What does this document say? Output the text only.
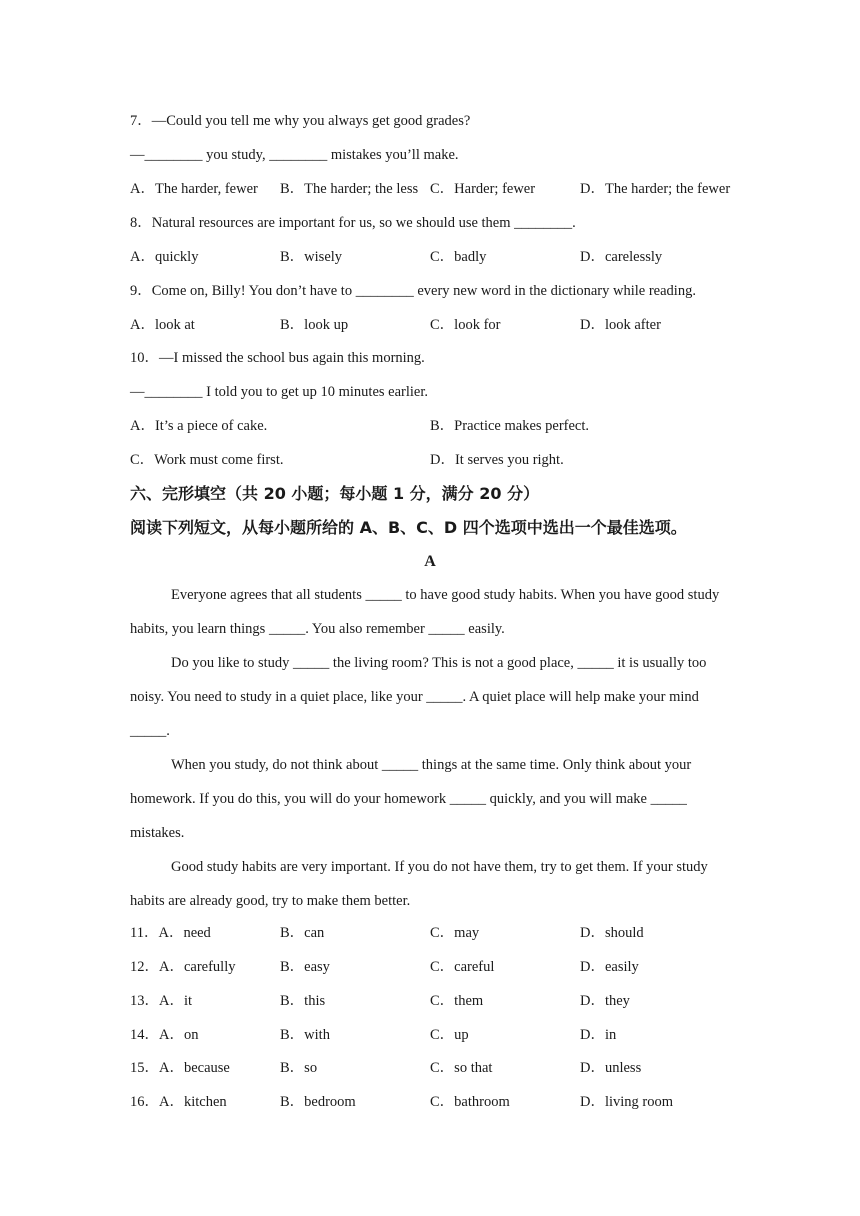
7．—Could you tell me why you always get good grades?
—________ you study, ________ mistakes you’ll make.
A．The harder, fewer B．The harder; the less C．Harder; fewer	D．The harder; the fewer
8．Natural resources are important for us, so we should use them ________.
A．quickly	B．wisely	C．badly	D．carelessly
9．Come on, Billy! You don’t have to ________ every new word in the dictionary while reading.
A．look at	B．look up	C．look for	D．look after
10．—I missed the school bus again this morning.
—________ I told you to get up 10 minutes earlier.
A．It’s a piece of cake.	B．Practice makes perfect.
C．Work must come first.	D．It serves you right.
六、完形填空（共 20 小题；每小题 1 分，满分 20 分）
阅读下列短文，从每小题所给的 A、B、C、D 四个选项中选出一个最佳选项。
A

Everyone agrees that all students _____ to have good study habits. When you have good study habits, you learn things _____. You also remember _____ easily.

Do you like to study _____ the living room? This is not a good place, _____ it is usually too noisy. You need to study in a quiet place, like your _____. A quiet place will help make your mind _____.

When you study, do not think about _____ things at the same time. Only think about your homework. If you do this, you will do your homework _____ quickly, and you will make _____ mistakes.

Good study habits are very important. If you do not have them, try to get them. If your study habits are already good, try to make them better.

11．A．need	B．can	C．may	D．should
12．A．carefully	B．easy	C．careful	D．easily
13．A．it	B．this	C．them	D．they
14．A．on	B．with	C．up	D．in
15．A．because	B．so	C．so that	D．unless
16．A．kitchen	B．bedroom	C．bathroom	D．living room
